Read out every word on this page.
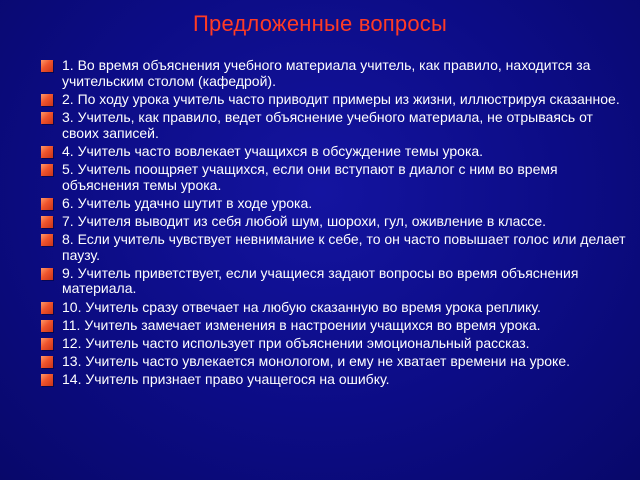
Предложенные вопросы
1. Во время объяснения учебного материала учитель, как правило, находится за учительским столом (кафедрой).
2. По ходу урока учитель часто приводит примеры из жизни, иллюстрируя сказанное.
3. Учитель, как правило, ведет объяснение учебного материала, не отрываясь от своих записей.
4. Учитель часто вовлекает учащихся в обсуждение темы урока.
5. Учитель поощряет учащихся, если они вступают в диалог с ним во время объяснения темы урока.
6. Учитель удачно шутит в ходе урока.
7. Учителя выводит из себя любой шум, шорохи, гул, оживление в классе.
8. Если учитель чувствует невнимание к себе, то он часто повышает голос или делает паузу.
9. Учитель приветствует, если учащиеся задают вопросы во время объяснения материала.
10. Учитель сразу отвечает на любую сказанную во время урока реплику.
11. Учитель замечает изменения в настроении учащихся во время урока.
12. Учитель часто использует при объяснении эмоциональный рассказ.
13. Учитель часто увлекается монологом, и ему не хватает времени на уроке.
14. Учитель признает право учащегося на ошибку.
